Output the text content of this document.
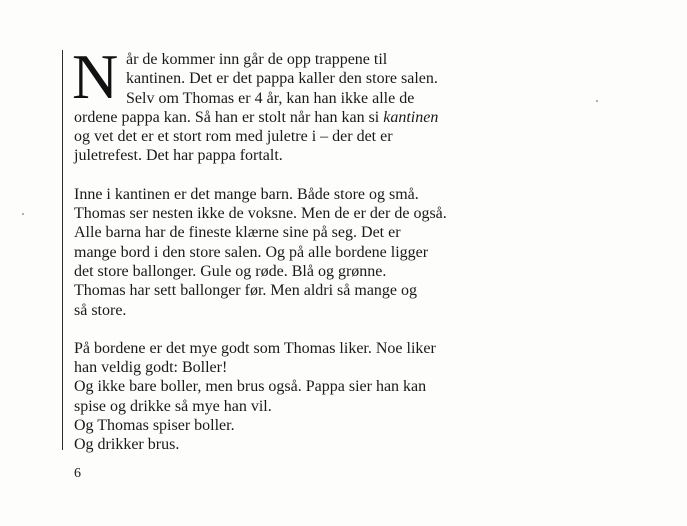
N år de kommer inn går de opp trappene til
kantinen. Det er det pappa kaller den store salen.
Selv om Thomas er 4 år, kan han ikke alle de
ordene pappa kan. Så han er stolt når han kan si kantinen
og vet det er et stort rom med juletre i – der det er
juletrefest. Det har pappa fortalt.
Inne i kantinen er det mange barn. Både store og små.
Thomas ser nesten ikke de voksne. Men de er der de også.
Alle barna har de fineste klærne sine på seg. Det er
mange bord i den store salen. Og på alle bordene ligger
det store ballonger. Gule og røde. Blå og grønne.
Thomas har sett ballonger før. Men aldri så mange og
så store.
På bordene er det mye godt som Thomas liker. Noe liker
han veldig godt: Boller!
Og ikke bare boller, men brus også. Pappa sier han kan
spise og drikke så mye han vil.
Og Thomas spiser boller.
Og drikker brus.
6
